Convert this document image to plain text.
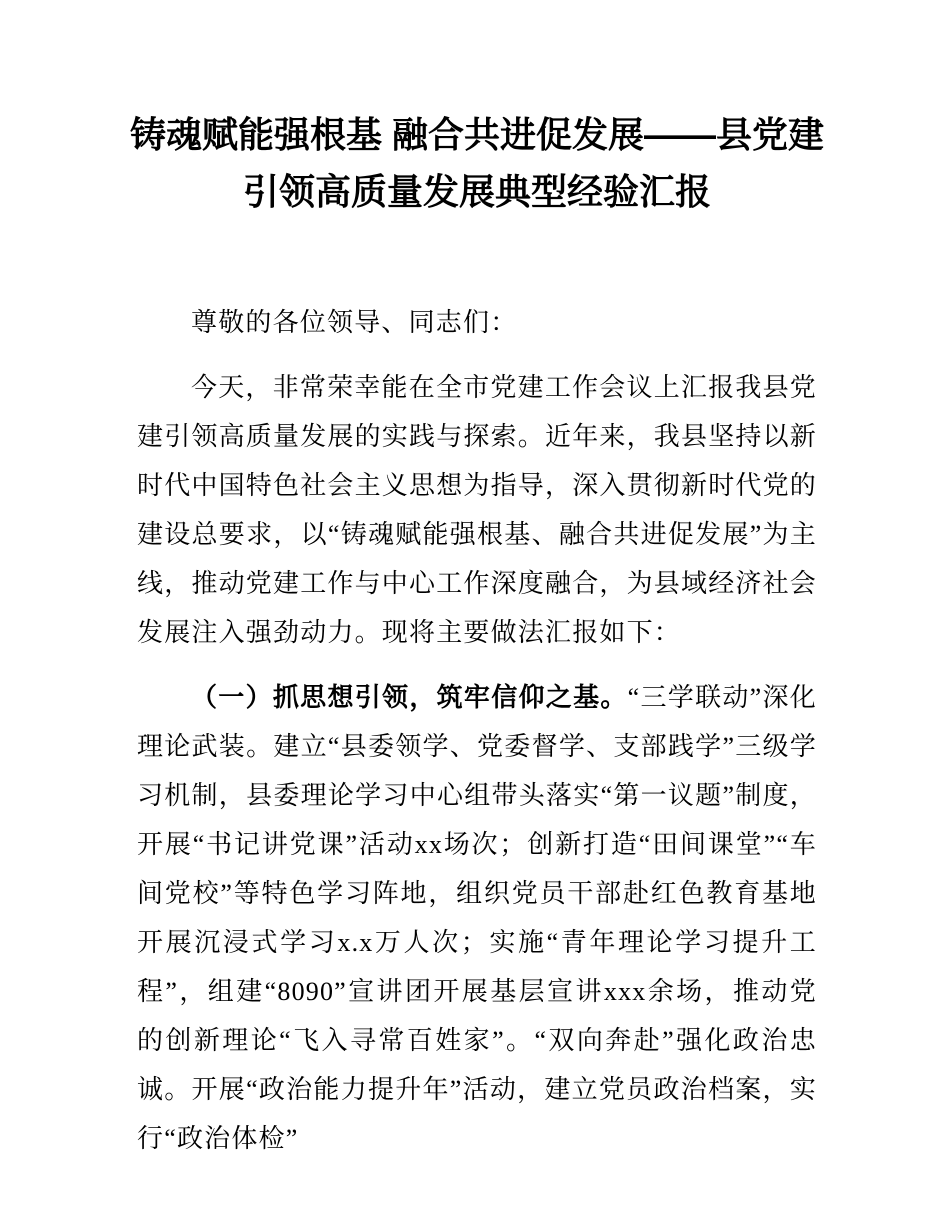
铸魂赋能强根基 融合共进促发展——县党建
引领高质量发展典型经验汇报

尊敬的各位领导、同志们：

今天，非常荣幸能在全市党建工作会议上汇报我县党建引领高质量发展的实践与探索。近年来，我县坚持以新时代中国特色社会主义思想为指导，深入贯彻新时代党的建设总要求，以“铸魂赋能强根基、融合共进促发展”为主线，推动党建工作与中心工作深度融合，为县域经济社会发展注入强劲动力。现将主要做法汇报如下：

（一）抓思想引领，筑牢信仰之基。“三学联动”深化理论武装。建立“县委领学、党委督学、支部践学”三级学习机制，县委理论学习中心组带头落实“第一议题”制度，开展“书记讲党课”活动xx场次；创新打造“田间课堂”“车间党校”等特色学习阵地，组织党员干部赴红色教育基地开展沉浸式学习x.x万人次；实施“青年理论学习提升工程”，组建“8090”宣讲团开展基层宣讲xxx余场，推动党的创新理论“飞入寻常百姓家”。“双向奔赴”强化政治忠诚。开展“政治能力提升年”活动，建立党员政治档案，实行“政治体检”
